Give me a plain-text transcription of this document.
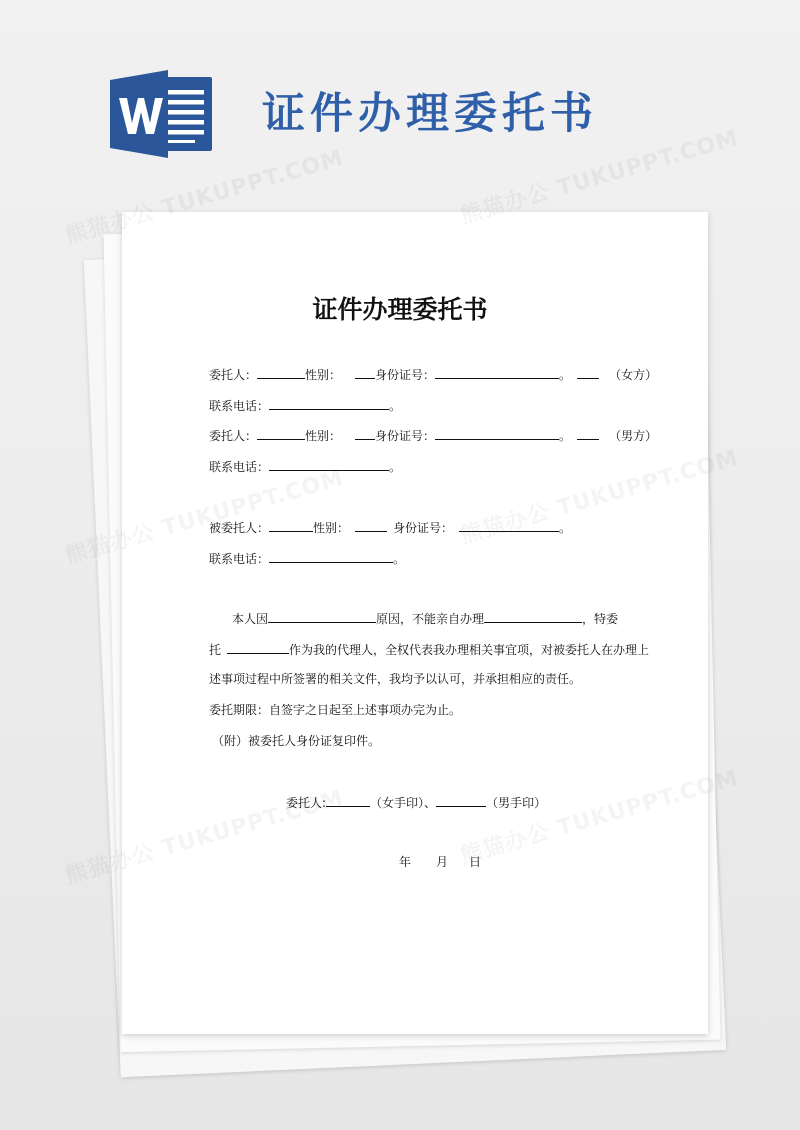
证件办理委托书
证件办理委托书
委托人：	性别：	身份证号：	。	（女方）
联系电话：	。
委托人：	性别：	身份证号：	。	（男方）
联系电话：	。
被委托人：	性别：	身份证号：	。
联系电话：	。
本人因	原因，不能亲自办理	，特委
托	作为我的代理人，全权代表我办理相关事宜项，对被委托人在办理上
述事项过程中所签署的相关文件，我均予以认可，并承担相应的责任。
委托期限：自签字之日起至上述事项办完为止。
（附）被委托人身份证复印件。
委托人:	（女手印）、	（男手印）
年 月 日
